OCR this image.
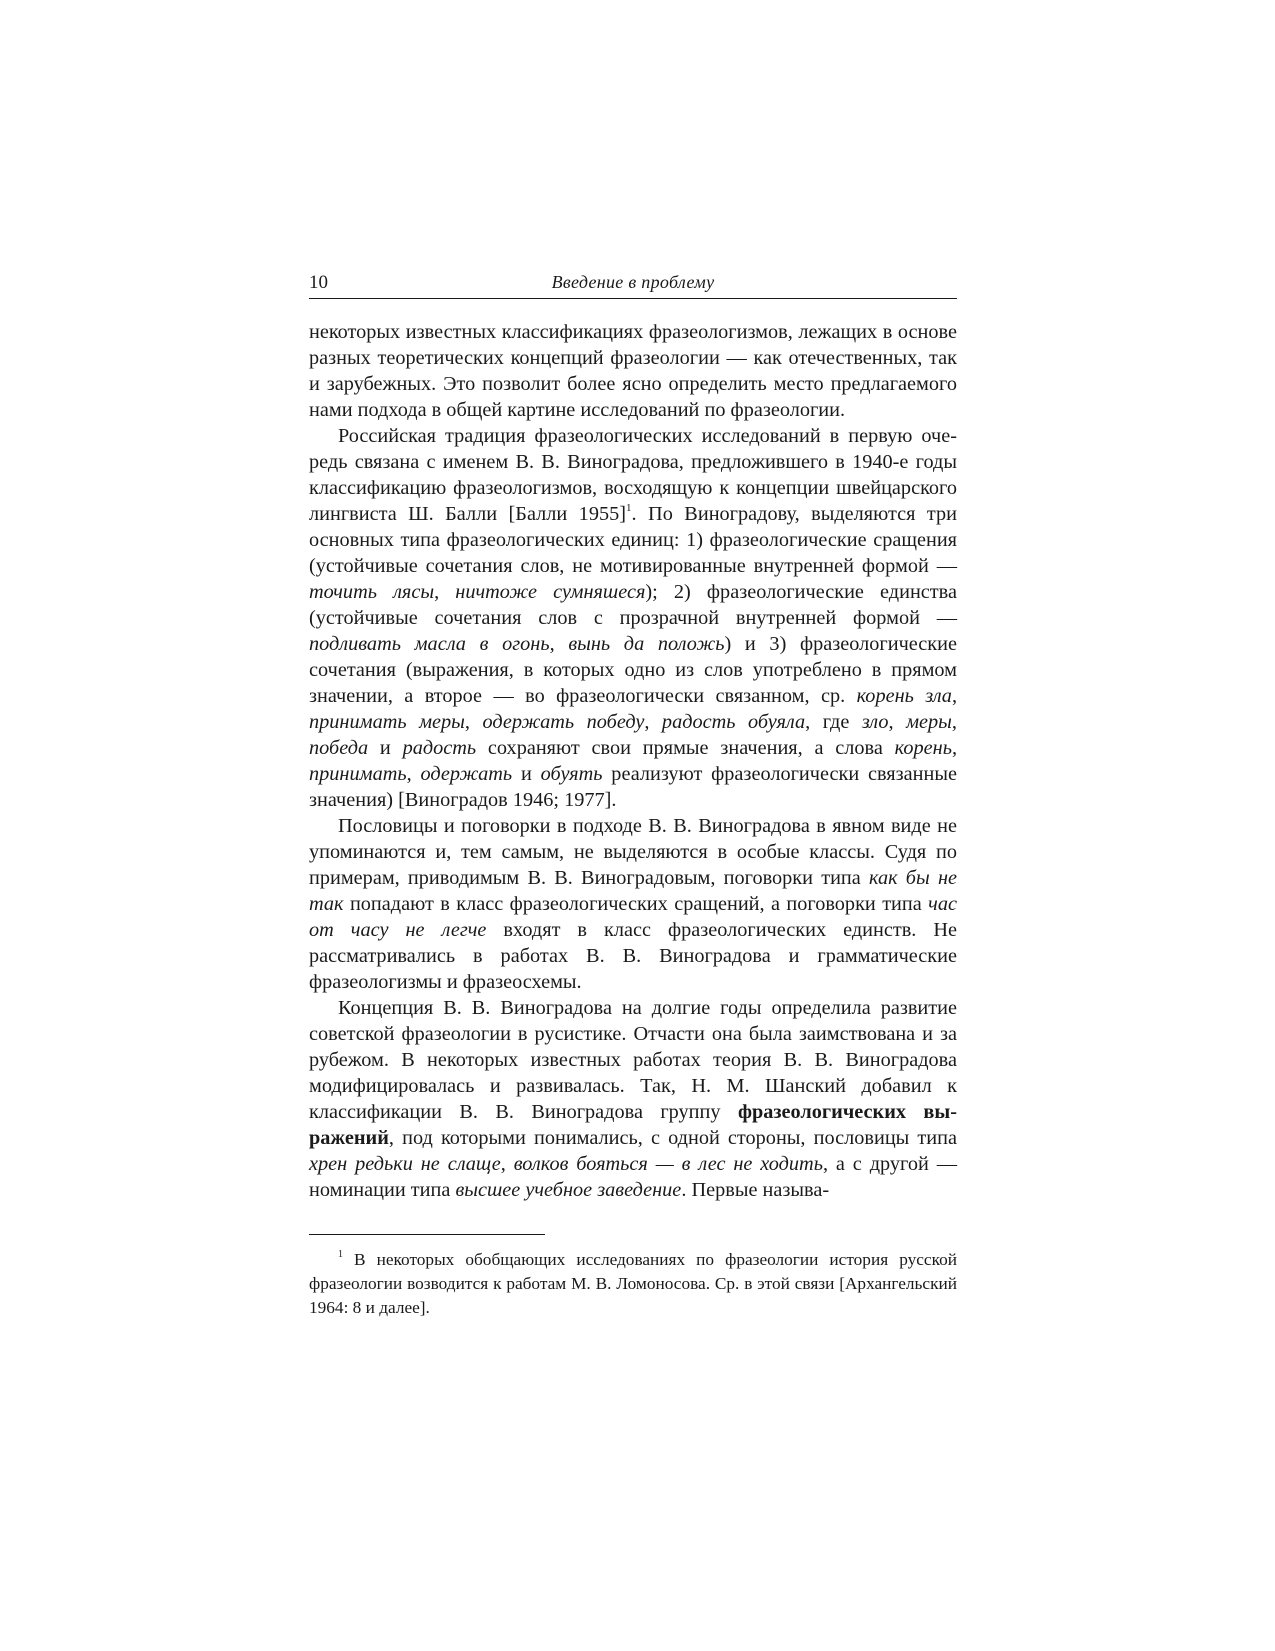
10	Введение в проблему

некоторых известных классификациях фразеологизмов, лежащих в основе разных теоретических концепций фразеологии — как отечественных, так и зарубежных. Это позволит более ясно определить место предлагаемого нами подхода в общей картине исследований по фразеологии.

Российская традиция фразеологических исследований в первую очередь связана с именем В. В. Виноградова, предложившего в 1940-е годы классификацию фразеологизмов, восходящую к концепции швейцарского лингвиста Ш. Балли [Балли 1955]$^1$. По Виноградову, выделяются три основных типа фразеологических единиц: 1) фразеологические сращения (устойчивые сочетания слов, не мотивированные внутренней формой — точить лясы, ничтоже сумняшеся); 2) фразеологические единства (устойчивые сочетания слов с прозрачной внутренней формой — подливать масла в огонь, вынь да положь) и 3) фразеологические сочетания (выражения, в которых одно из слов употреблено в прямом значении, а второе — во фразеологически связанном, ср. корень зла, принимать меры, одержать победу, радость обуяла, где зло, меры, победа и радость сохраняют свои прямые значения, а слова корень, принимать, одержать и обуять реализуют фразеологически связанные значения) [Виноградов 1946; 1977].

Пословицы и поговорки в подходе В. В. Виноградова в явном виде не упоминаются и, тем самым, не выделяются в особые классы. Судя по примерам, приводимым В. В. Виноградовым, поговорки типа как бы не так попадают в класс фразеологических сращений, а поговорки типа час от часу не легче входят в класс фразеологических единств. Не рассматривались в работах В. В. Виноградова и грамматические фразеологизмы и фразеосхемы.

Концепция В. В. Виноградова на долгие годы определила развитие советской фразеологии в русистике. Отчасти она была заимствована и за рубежом. В некоторых известных работах теория В. В. Виноградова модифицировалась и развивалась. Так, Н. М. Шанский добавил к классификации В. В. Виноградова группу фразеологических выражений, под которыми понимались, с одной стороны, пословицы типа хрен редьки не слаще, волков бояться — в лес не ходить, а с другой — номинации типа высшее учебное заведение. Первые называ-

$^1$ В некоторых обобщающих исследованиях по фразеологии история русской фразеологии возводится к работам М. В. Ломоносова. Ср. в этой связи [Архангельский 1964: 8 и далее].
